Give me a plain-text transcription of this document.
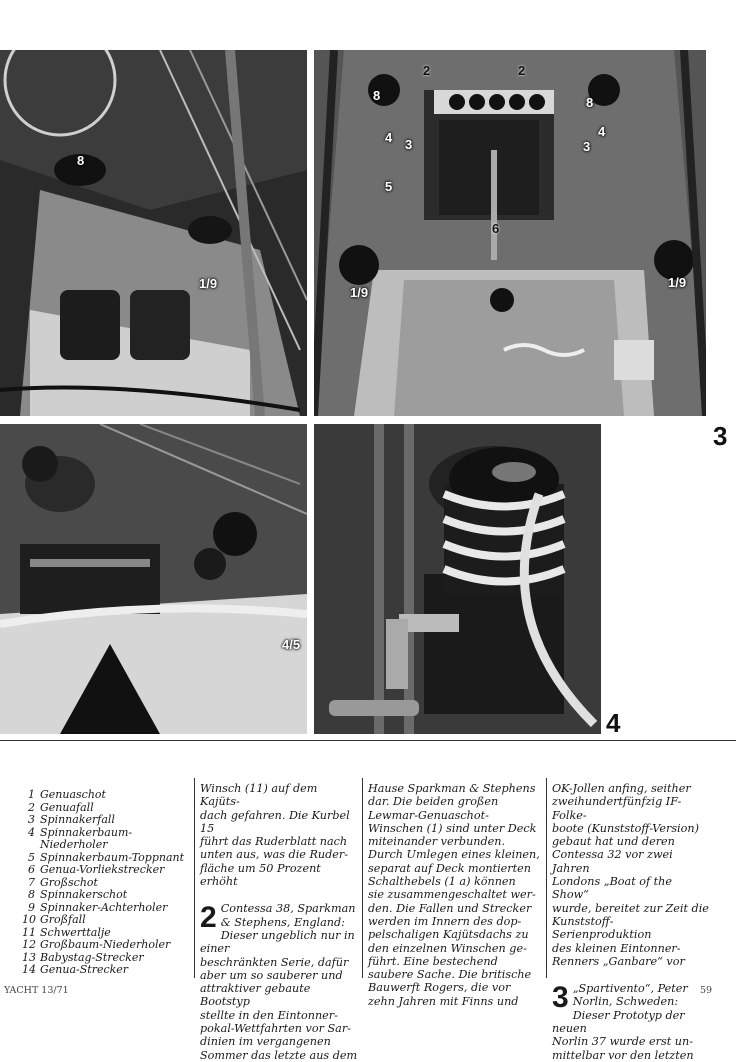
8
1/9
2	2
8	8
4 3
4
3
5
6
1/9
1/9
3
4/5
4
1 Genuaschot
2 Genuafall
3 Spinnakerfall
4 Spinnakerbaum-
Niederholer
5 Spinnakerbaum-Toppnant
6 Genua-Vorliekstrecker
7 Großschot
8 Spinnakerschot
9 Spinnaker-Achterholer
10 Großfall
11 Schwerttalje
12 Großbaum-Niederholer
13 Babystag-Strecker
14 Genua-Strecker

Winsch (11) auf dem Kajüts-
dach gefahren. Die Kurbel 15
führt das Ruderblatt nach
unten aus, was die Ruder-
fläche um 50 Prozent erhöht

2 Contessa 38, Sparkman
& Stephens, England:
Dieser ungeblich nur in einer
beschränkten Serie, dafür
aber um so sauberer und
attraktiver gebaute Bootstyp
stellte in den Eintonner-
pokal-Wettfahrten vor Sar-
dinien im vergangenen
Sommer das letzte aus dem

Hause Sparkman & Stephens
dar. Die beiden großen
Lewmar-Genuaschot-
Winschen (1) sind unter Deck
miteinander verbunden.
Durch Umlegen eines kleinen,
separat auf Deck montierten
Schalthebels (1 a) können
sie zusammengeschaltet wer-
den. Die Fallen und Strecker
werden im Innern des dop-
pelschaligen Kajütsdachs zu
den einzelnen Winschen ge-
führt. Eine bestechend
saubere Sache. Die britische
Bauwerft Rogers, die vor
zehn Jahren mit Finns und

OK-Jollen anfing, seither
zweihundertfünfzig IF-Folke-
boote (Kunststoff-Version)
gebaut hat und deren
Contessa 32 vor zwei Jahren
Londons „Boat of the Show“
wurde, bereitet zur Zeit die
Kunststoff-Serienproduktion
des kleinen Eintonner-
Renners „Ganbare“ vor

3 „Spartivento“, Peter
Norlin, Schweden:
Dieser Prototyp der neuen
Norlin 37 wurde erst un-
mittelbar vor den letzten

YACHT 13/71	59
